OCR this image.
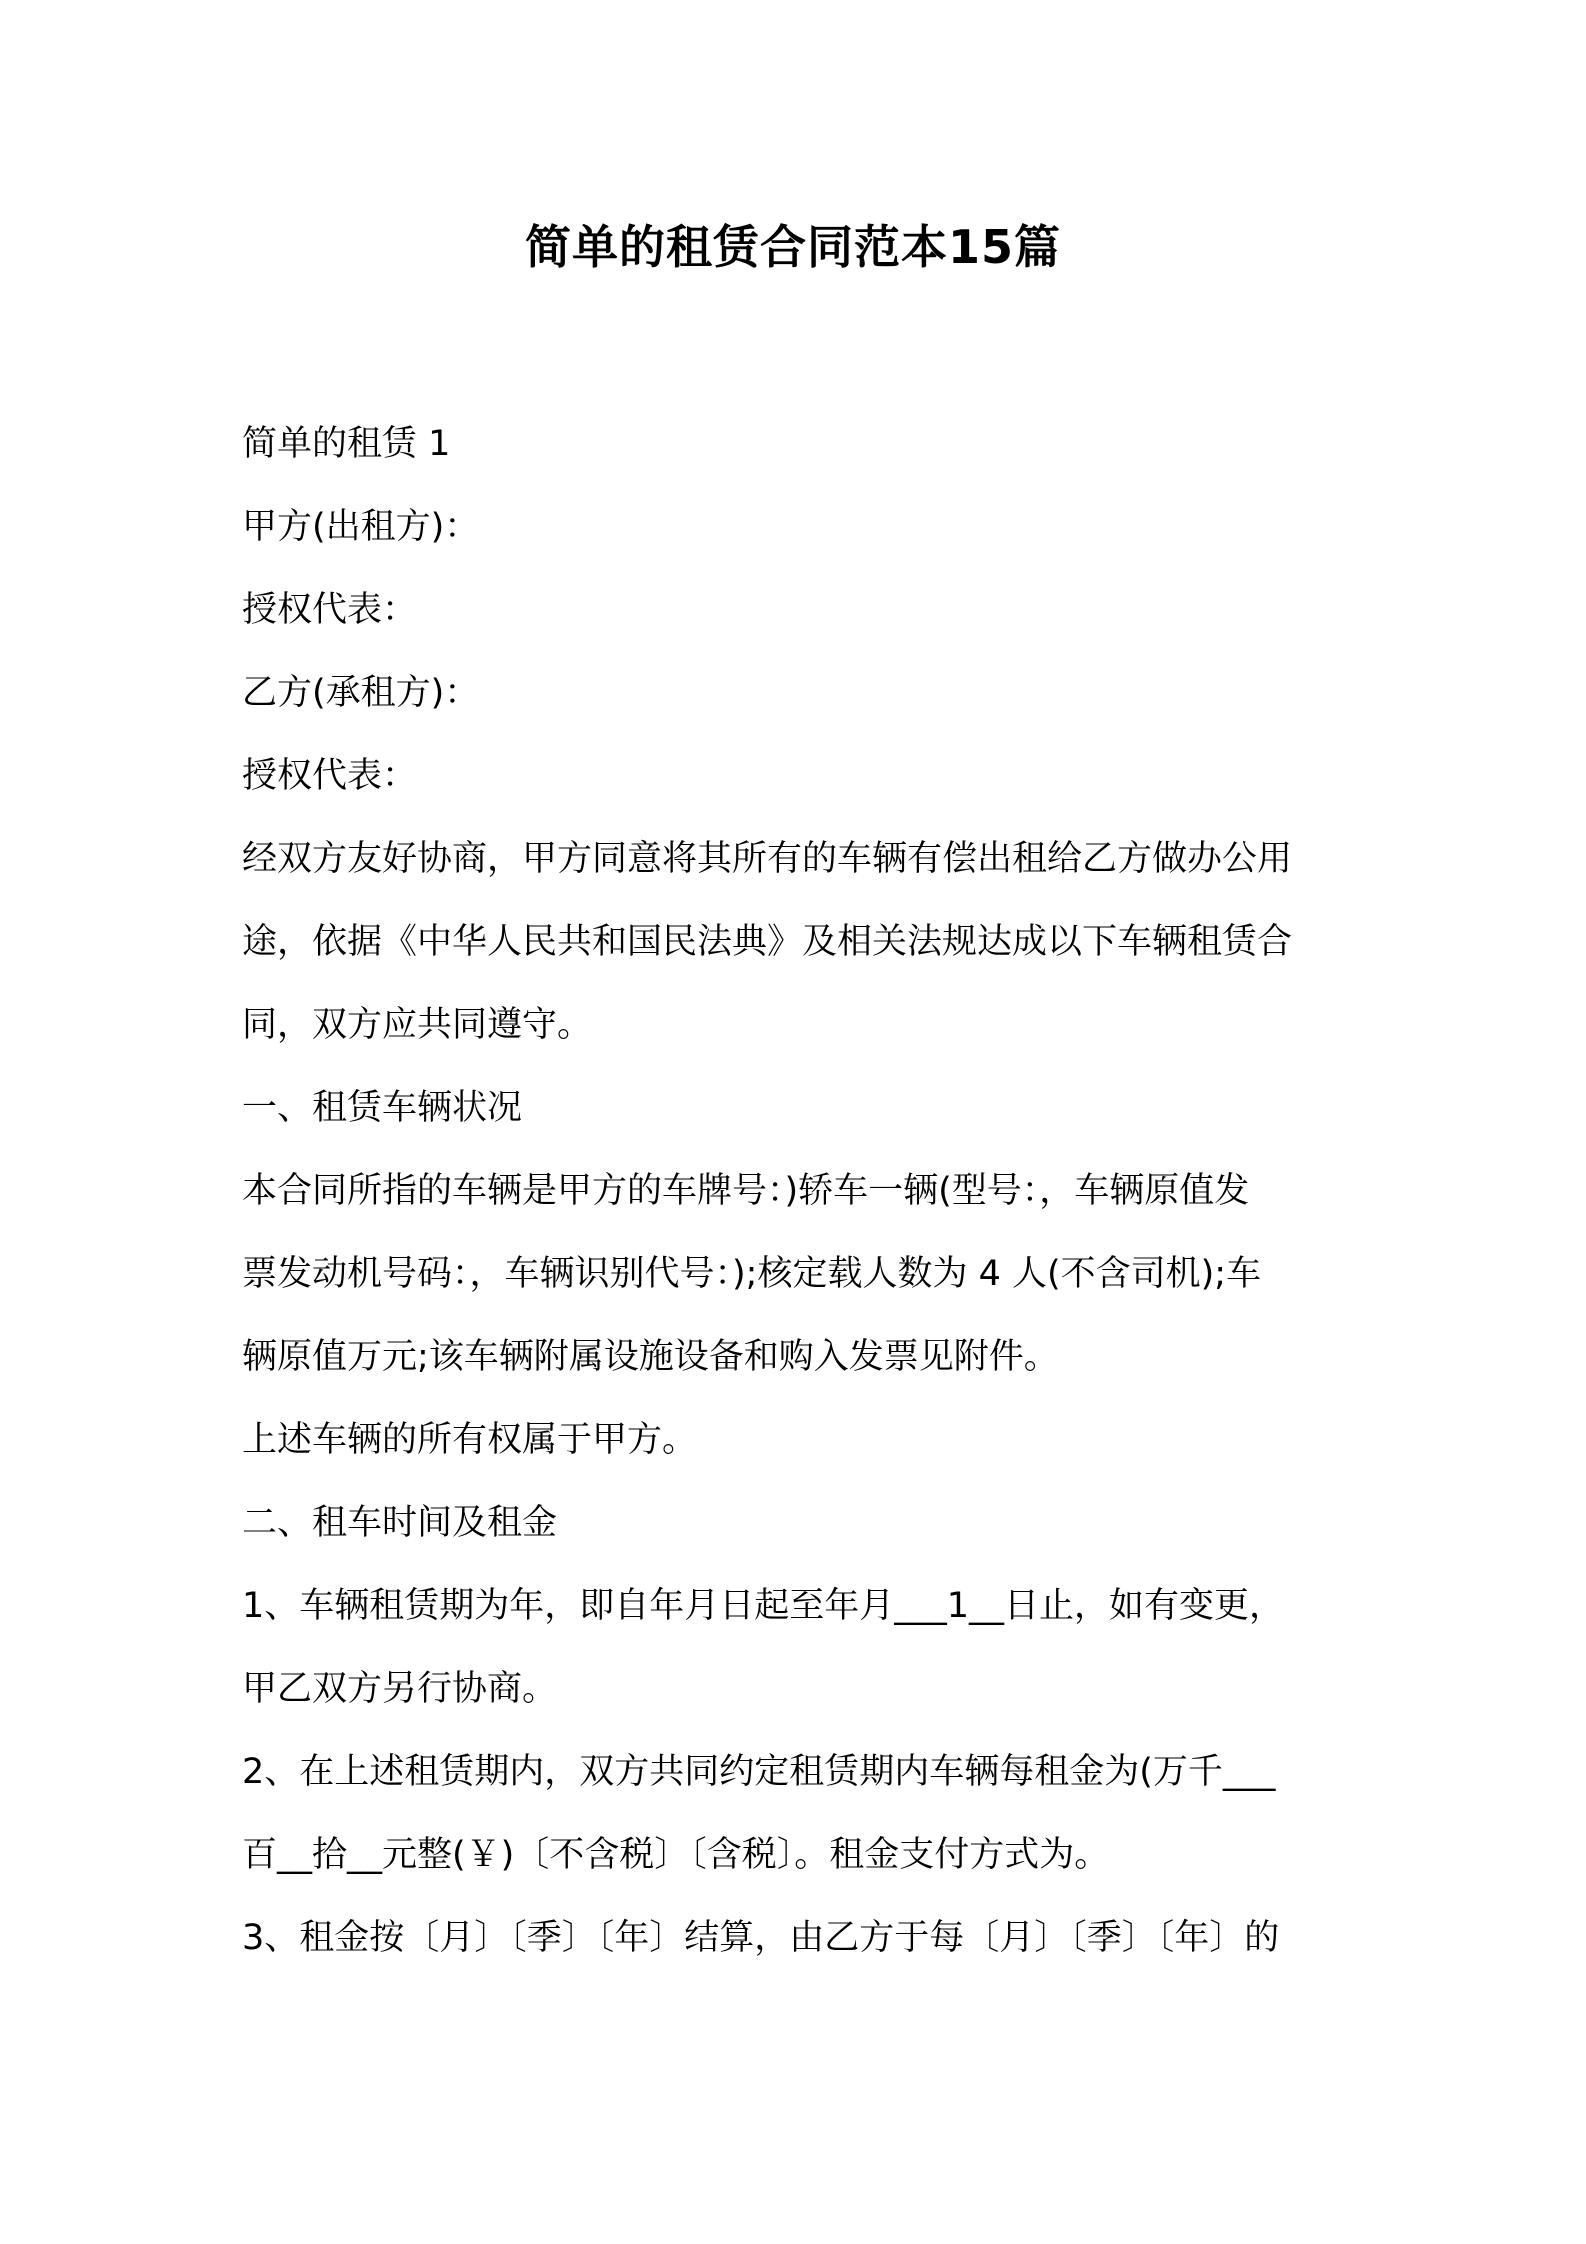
简单的租赁合同范本15篇

简单的租赁 1

甲方(出租方)：

授权代表：

乙方(承租方)：

授权代表：

经双方友好协商，甲方同意将其所有的车辆有偿出租给乙方做办公用

途，依据《中华人民共和国民法典》及相关法规达成以下车辆租赁合

同，双方应共同遵守。

一、租赁车辆状况

本合同所指的车辆是甲方的车牌号：)轿车一辆(型号：，车辆原值发

票发动机号码：，车辆识别代号：);核定载人数为 4 人(不含司机);车

辆原值万元;该车辆附属设施设备和购入发票见附件。

上述车辆的所有权属于甲方。

二、租车时间及租金

1、车辆租赁期为年，即自年月日起至年月___1__日止，如有变更，

甲乙双方另行协商。

2、在上述租赁期内，双方共同约定租赁期内车辆每租金为(万千___

百__拾__元整(￥)〔不含税〕〔含税〕。租金支付方式为。

3、租金按〔月〕〔季〕〔年〕结算，由乙方于每〔月〕〔季〕〔年〕的
